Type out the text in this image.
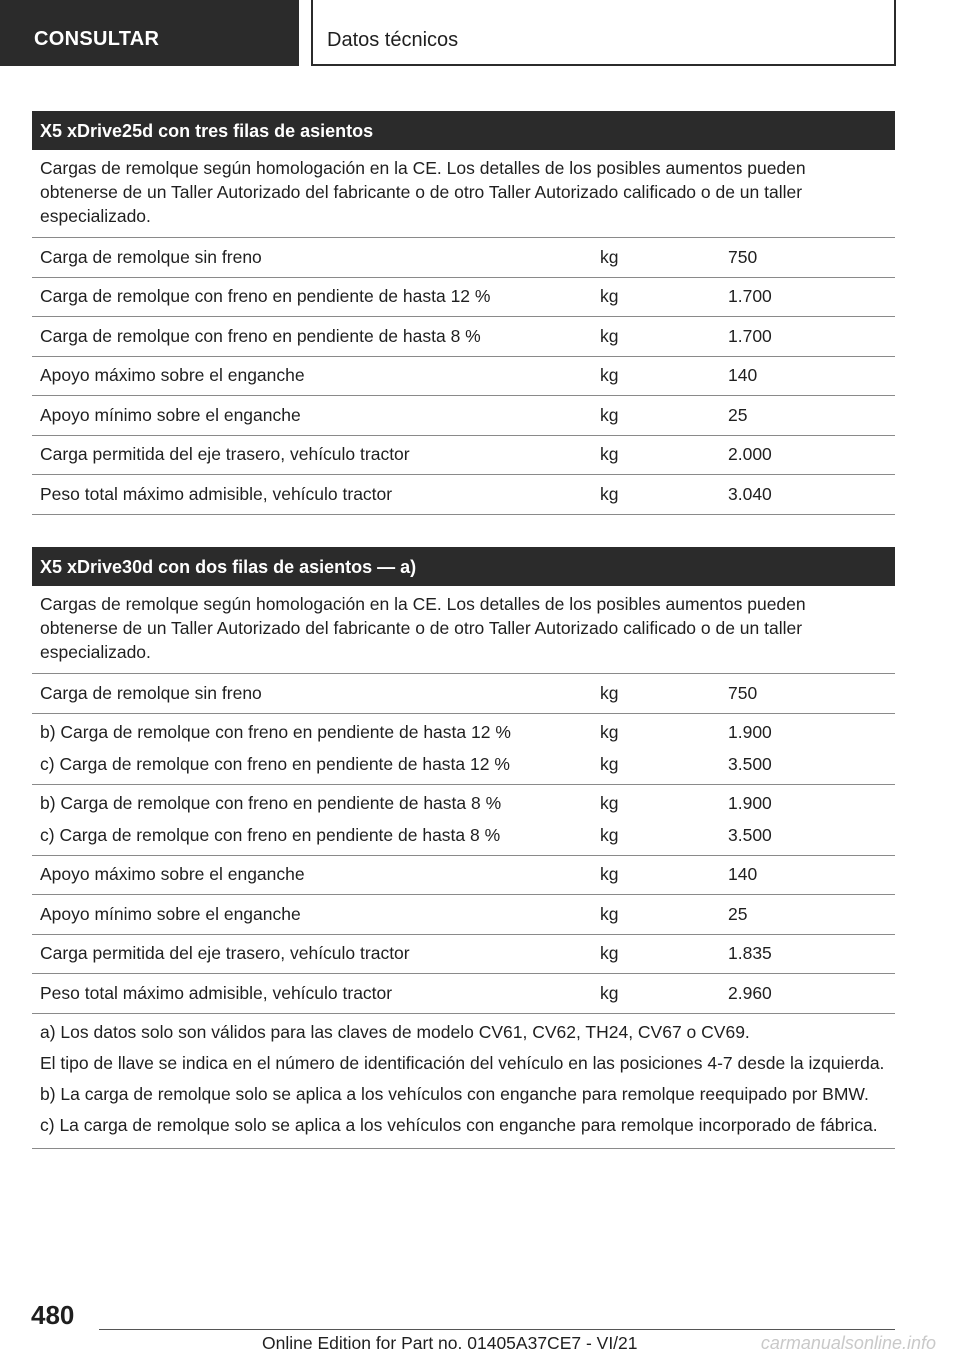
CONSULTAR	Datos técnicos
X5 xDrive25d con tres filas de asientos
Cargas de remolque según homologación en la CE. Los detalles de los posibles aumentos pueden obtenerse de un Taller Autorizado del fabricante o de otro Taller Autorizado calificado o de un taller especializado.
Carga de remolque sin freno	kg	750
Carga de remolque con freno en pendiente de hasta 12 %	kg	1.700
Carga de remolque con freno en pendiente de hasta 8 %	kg	1.700
Apoyo máximo sobre el enganche	kg	140
Apoyo mínimo sobre el enganche	kg	25
Carga permitida del eje trasero, vehículo tractor	kg	2.000
Peso total máximo admisible, vehículo tractor	kg	3.040
X5 xDrive30d con dos filas de asientos — a)
Cargas de remolque según homologación en la CE. Los detalles de los posibles aumentos pueden obtenerse de un Taller Autorizado del fabricante o de otro Taller Autorizado calificado o de un taller especializado.
Carga de remolque sin freno	kg	750
b) Carga de remolque con freno en pendiente de hasta 12 %	kg	1.900
c) Carga de remolque con freno en pendiente de hasta 12 %	kg	3.500
b) Carga de remolque con freno en pendiente de hasta 8 %	kg	1.900
c) Carga de remolque con freno en pendiente de hasta 8 %	kg	3.500
Apoyo máximo sobre el enganche	kg	140
Apoyo mínimo sobre el enganche	kg	25
Carga permitida del eje trasero, vehículo tractor	kg	1.835
Peso total máximo admisible, vehículo tractor	kg	2.960

a) Los datos solo son válidos para las claves de modelo CV61, CV62, TH24, CV67 o CV69.

El tipo de llave se indica en el número de identificación del vehículo en las posiciones 4-7 desde la izquierda.

b) La carga de remolque solo se aplica a los vehículos con enganche para remolque reequipado por BMW.

c) La carga de remolque solo se aplica a los vehículos con enganche para remolque incorporado de fábrica.

480
Online Edition for Part no. 01405A37CE7 - VI/21	carmanualsonline.info
